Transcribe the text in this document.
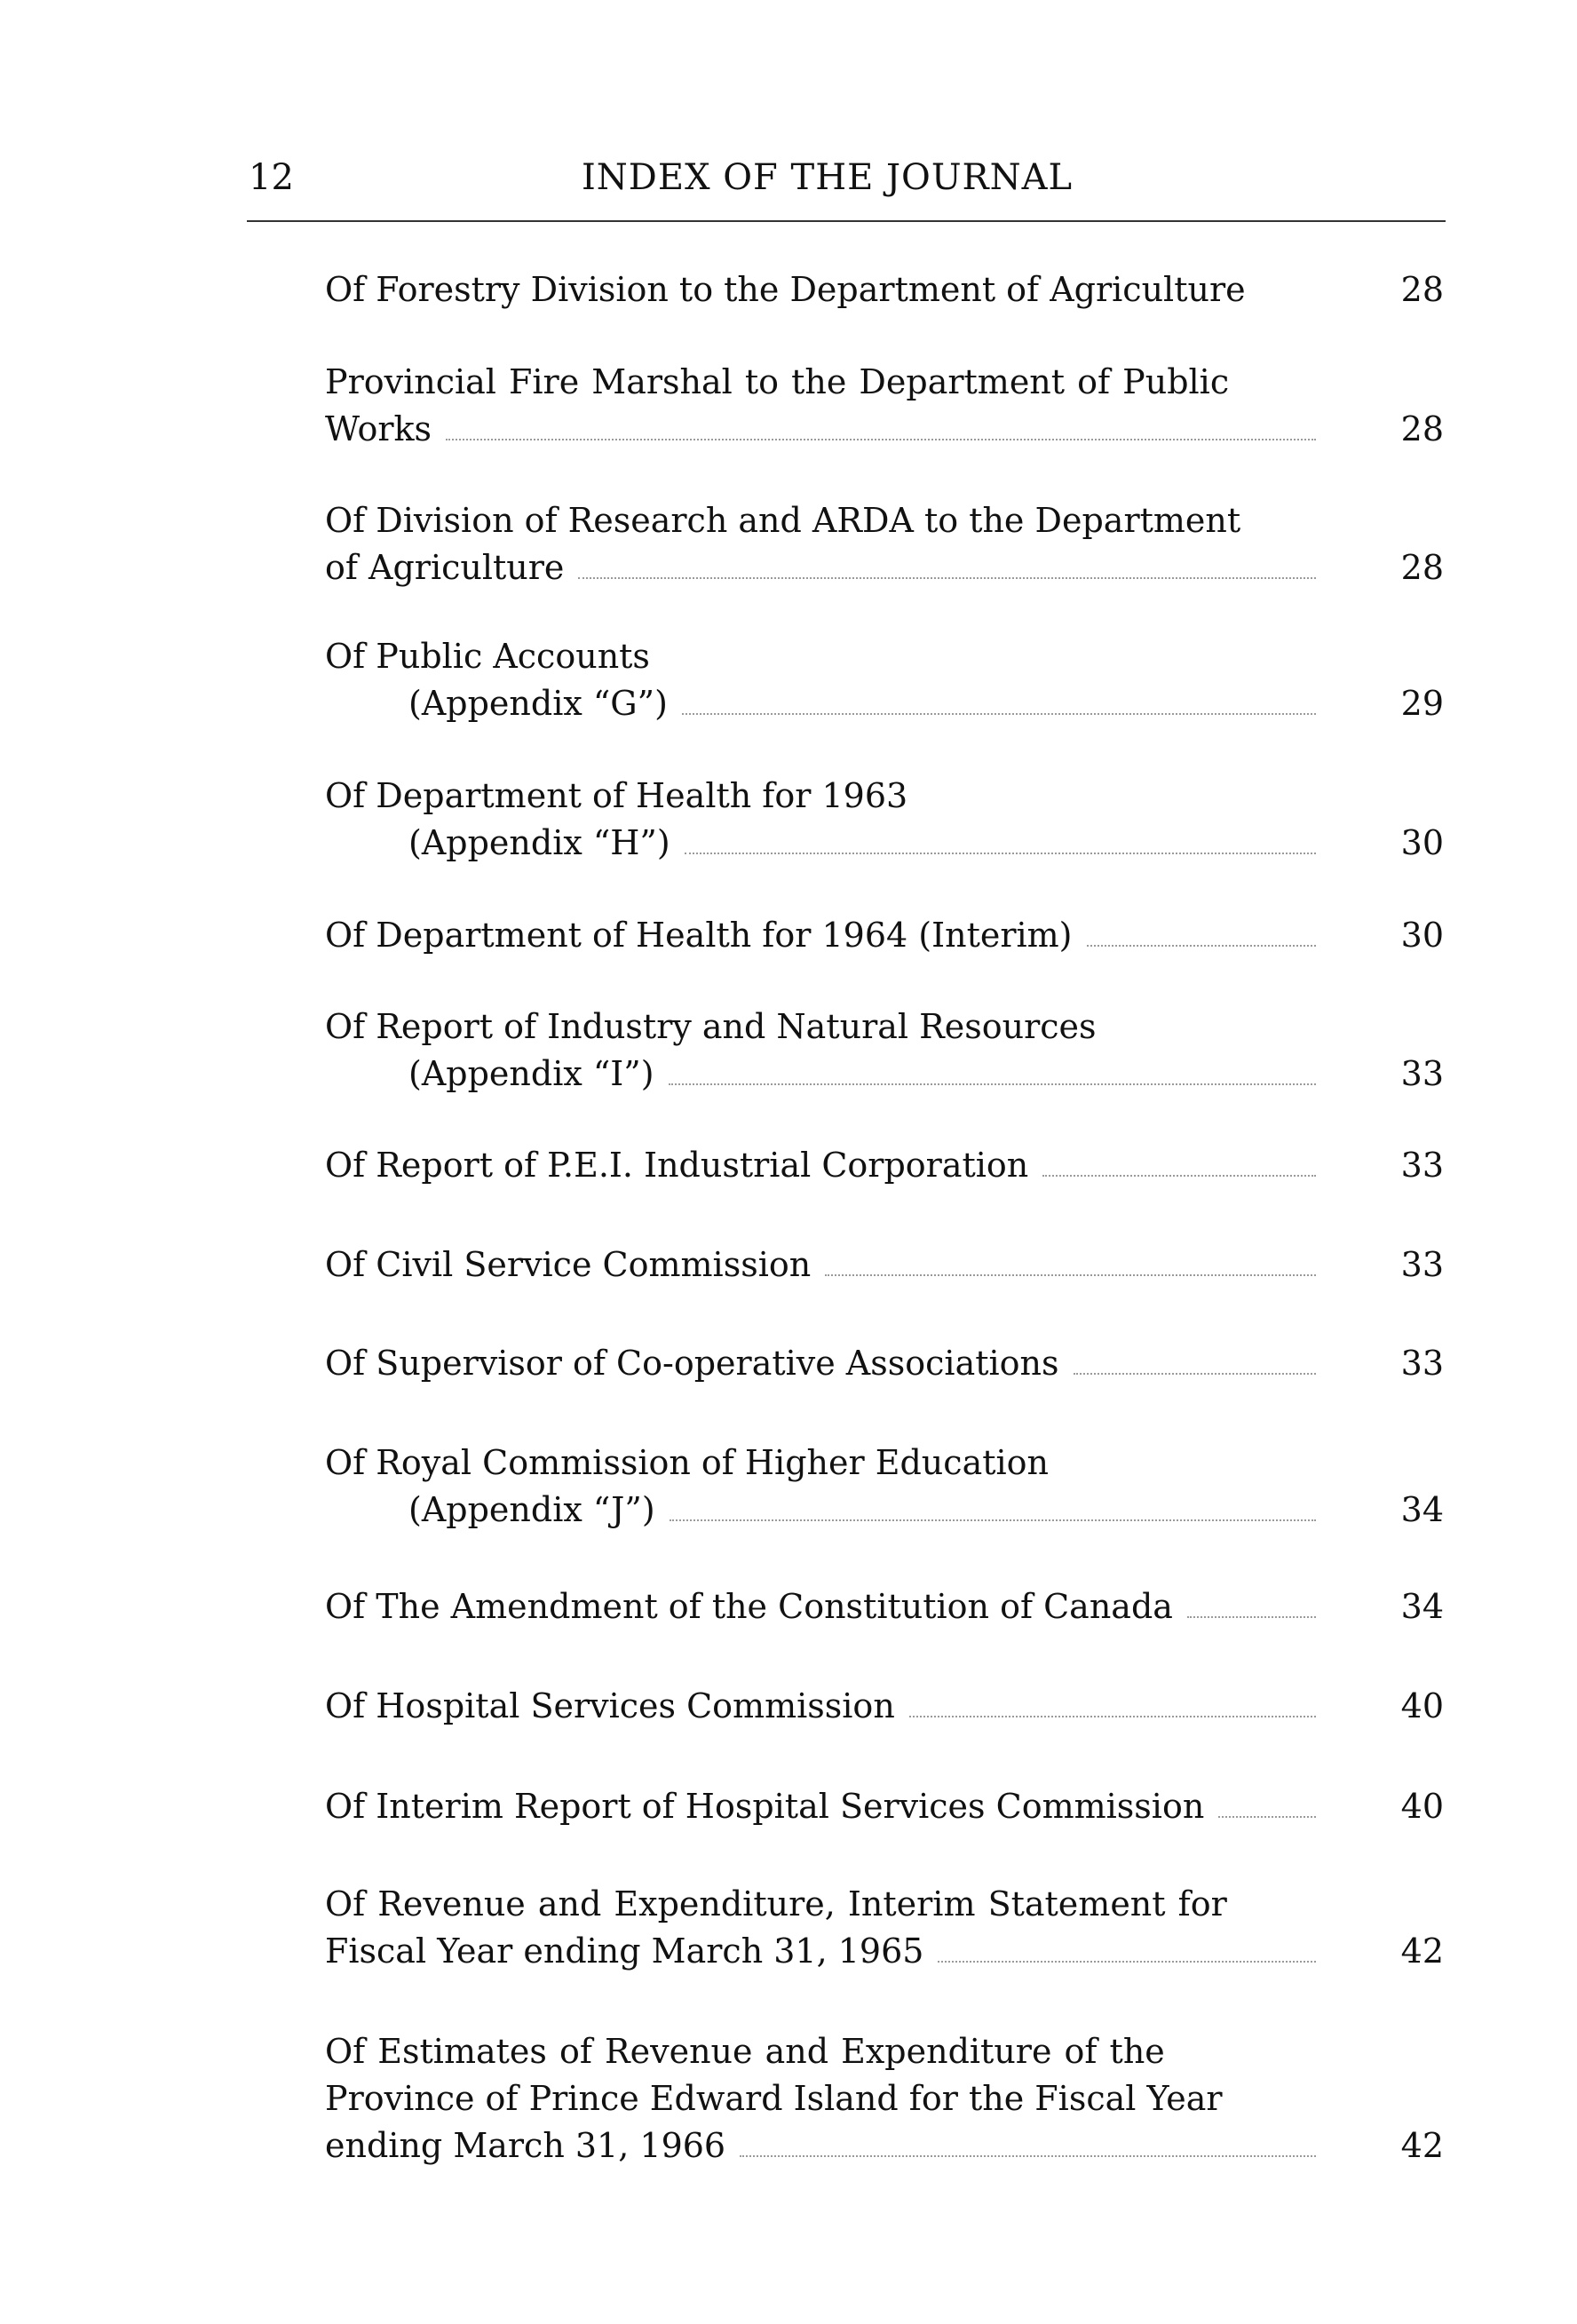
12	INDEX OF THE JOURNAL
Of Forestry Division to the Department of Agriculture	28
Provincial Fire Marshal to the Department of Public
Works	28
Of Division of Research and ARDA to the Department
of Agriculture	28
Of Public Accounts
(Appendix “G”)	29
Of Department of Health for 1963
(Appendix “H”)	30
Of Department of Health for 1964 (Interim)	30
Of Report of Industry and Natural Resources
(Appendix “I”)	33
Of Report of P.E.I. Industrial Corporation	33
Of Civil Service Commission	33
Of Supervisor of Co-operative Associations	33
Of Royal Commission of Higher Education
(Appendix “J”)	34
Of The Amendment of the Constitution of Canada	34
Of Hospital Services Commission	40
Of Interim Report of Hospital Services Commission	40
Of Revenue and Expenditure, Interim Statement for
Fiscal Year ending March 31, 1965	42
Of Estimates of Revenue and Expenditure of the
Province of Prince Edward Island for the Fiscal Year
ending March 31, 1966	42
